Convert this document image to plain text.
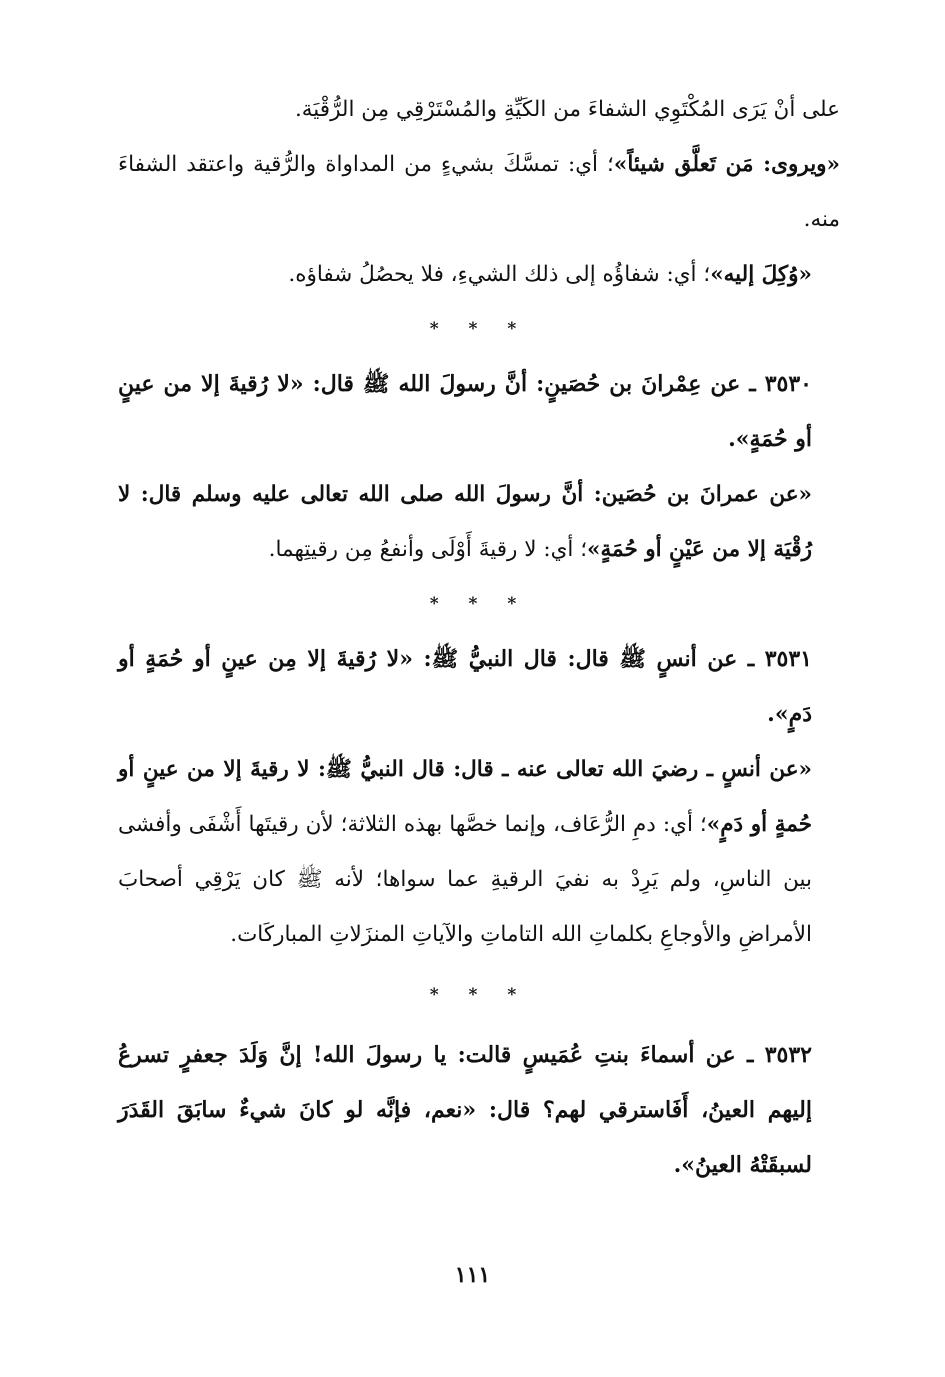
على أنْ يَرَى المُكْتَوِي الشفاءَ من الكَيِّةِ والمُسْتَرْقِي مِن الرُّقْيَة.

«ويروى: مَن تَعلَّق شيئاً»؛ أي: تمسَّكَ بشيءٍ من المداواة والرُّقية واعتقد الشفاءَ منه.

«وُكِلَ إليه»؛ أي: شفاؤُه إلى ذلك الشيءِ، فلا يحصُلُ شفاؤه.

* * *

٣٥٣٠ ـ عن عِمْرانَ بن حُصَينٍ: أنَّ رسولَ الله ﷺ قال: «لا رُقيةَ إلا من عينٍ أو حُمَةٍ».

«عن عمرانَ بن حُصَين: أنَّ رسولَ الله صلى الله تعالى عليه وسلم قال: لا رُقْيَة إلا من عَيْنٍ أو حُمَةٍ»؛ أي: لا رقيةَ أَوْلَى وأنفعُ مِن رقيتِهما.

* * *

٣٥٣١ ـ عن أنسٍ ﷺ قال: قال النبيُّ ﷺ: «لا رُقيةَ إلا مِن عينٍ أو حُمَةٍ أو دَمٍ».

«عن أنسٍ ـ رضيَ الله تعالى عنه ـ قال: قال النبيُّ ﷺ: لا رقيةَ إلا من عينٍ أو حُمةٍ أو دَمٍ»؛ أي: دمِ الرُّعَاف، وإنما خصَّها بهذه الثلاثة؛ لأن رقيتَها أَشْفَى وأفشى بين الناسِ، ولم يَرِدْ به نفيَ الرقيةِ عما سواها؛ لأنه ﷺ كان يَرْقِي أصحابَ الأمراضِ والأوجاعِ بكلماتِ الله التاماتِ والآياتِ المنزَلاتِ المباركَات.

* * *

٣٥٣٢ ـ عن أسماءَ بنتِ عُمَيسٍ قالت: يا رسولَ الله! إنَّ وَلَدَ جعفرٍ تسرعُ إليهم العينُ، أَفَاسترقي لهم؟ قال: «نعم، فإنَّه لو كانَ شيءٌ سابَقَ القَدَرَ لسبقَتْهُ العينُ».

١١١
